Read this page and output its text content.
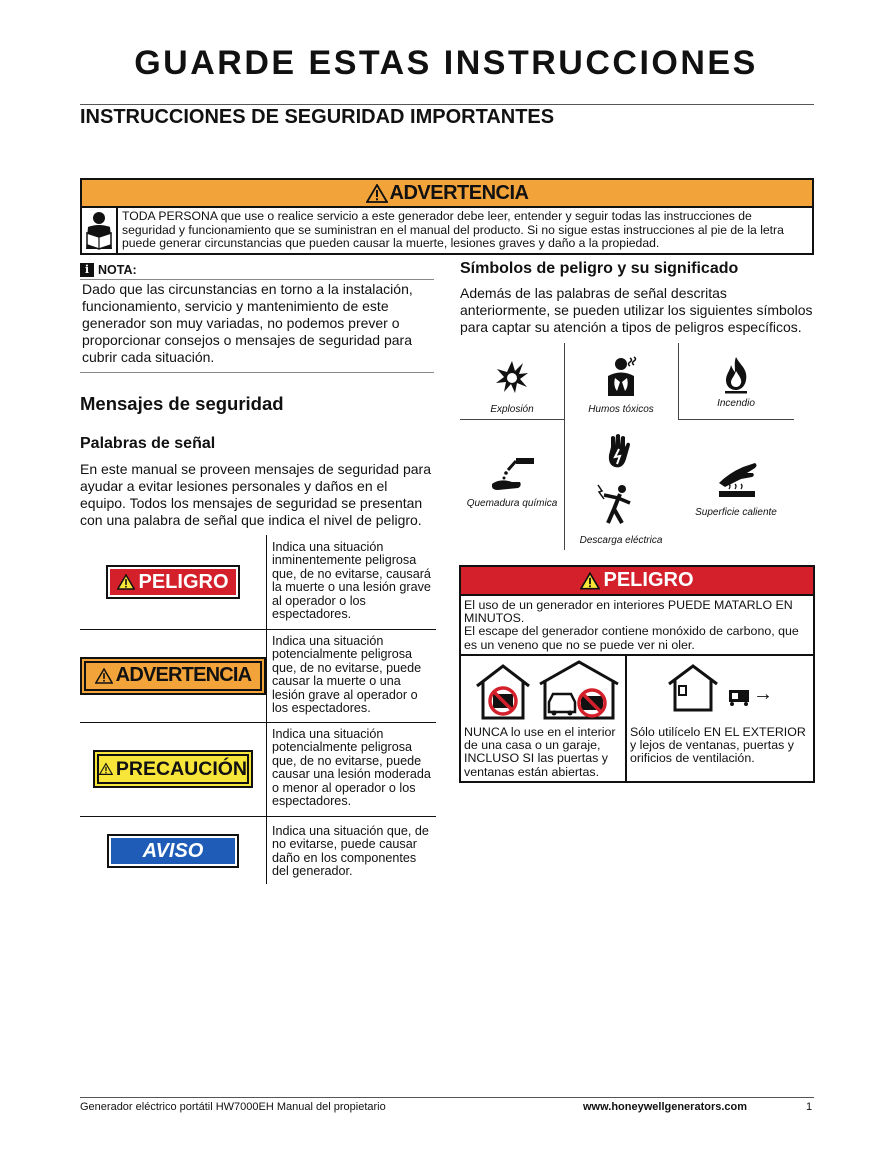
GUARDE ESTAS INSTRUCCIONES
INSTRUCCIONES DE SEGURIDAD IMPORTANTES
ADVERTENCIA
TODA PERSONA que use o realice servicio a este generador debe leer, entender y seguir todas las instrucciones de seguridad y funcionamiento que se suministran en el manual del producto. Si no sigue estas instrucciones al pie de la letra puede generar circunstancias que pueden causar la muerte, lesiones graves y daño a la propiedad.
i NOTA:
Dado que las circunstancias en torno a la instalación, funcionamiento, servicio y mantenimiento de este generador son muy variadas, no podemos prever o proporcionar consejos o mensajes de seguridad para cubrir cada situación.
Mensajes de seguridad
Palabras de señal
En este manual se proveen mensajes de seguridad para ayudar a evitar lesiones personales y daños en el equipo. Todos los mensajes de seguridad se presentan con una palabra de señal que indica el nivel de peligro.
PELIGRO
Indica una situación inminentemente peligrosa que, de no evitarse, causará la muerte o una lesión grave al operador o los espectadores.
ADVERTENCIA
Indica una situación potencialmente peligrosa que, de no evitarse, puede causar la muerte o una lesión grave al operador o los espectadores.
PRECAUCIÓN
Indica una situación potencialmente peligrosa que, de no evitarse, puede causar una lesión moderada o menor al operador o los espectadores.
AVISO
Indica una situación que, de no evitarse, puede causar daño en los componentes del generador.
Símbolos de peligro y su significado
Además de las palabras de señal descritas anteriormente, se pueden utilizar los siguientes símbolos para captar su atención a tipos de peligros específicos.
Explosión	Humos tóxicos
Incendio
Quemadura química
Descarga eléctrica
Superficie caliente
PELIGRO
El uso de un generador en interiores PUEDE MATARLO EN MINUTOS.
El escape del generador contiene monóxido de carbono, que es un veneno que no se puede ver ni oler.
NUNCA lo use en el interior de una casa o un garaje, INCLUSO SI las puertas y ventanas están abiertas.
→
Sólo utilícelo EN EL EXTERIOR y lejos de ventanas, puertas y orificios de ventilación.
Generador eléctrico portátil HW7000EH Manual del propietario	www.honeywellgenerators.com	1
